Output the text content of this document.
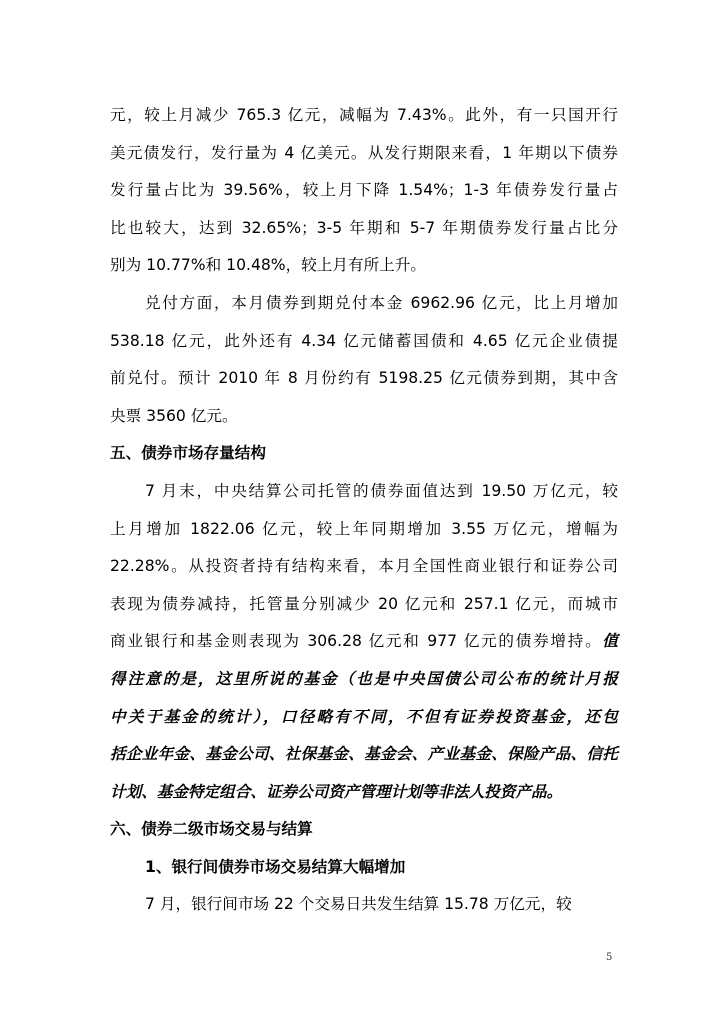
元，较上月减少 765.3 亿元，减幅为 7.43%。此外，有一只国开行
美元债发行，发行量为 4 亿美元。从发行期限来看，1 年期以下债券
发行量占比为 39.56%，较上月下降 1.54%；1-3 年债券发行量占
比也较大，达到 32.65%；3-5 年期和 5-7 年期债券发行量占比分
别为 10.77%和 10.48%，较上月有所上升。
兑付方面，本月债券到期兑付本金 6962.96 亿元，比上月增加
538.18 亿元，此外还有 4.34 亿元储蓄国债和 4.65 亿元企业债提
前兑付。预计 2010 年 8 月份约有 5198.25 亿元债券到期，其中含
央票 3560 亿元。
五、债券市场存量结构
7 月末，中央结算公司托管的债券面值达到 19.50 万亿元，较
上月增加 1822.06 亿元，较上年同期增加 3.55 万亿元，增幅为
22.28%。从投资者持有结构来看，本月全国性商业银行和证券公司
表现为债券减持，托管量分别减少 20 亿元和 257.1 亿元，而城市
商业银行和基金则表现为 306.28 亿元和 977 亿元的债券增持。值
得注意的是，这里所说的基金（也是中央国债公司公布的统计月报
中关于基金的统计），口径略有不同，不但有证券投资基金，还包
括企业年金、基金公司、社保基金、基金会、产业基金、保险产品、信托
计划、基金特定组合、证券公司资产管理计划等非法人投资产品。
六、债券二级市场交易与结算
1、银行间债券市场交易结算大幅增加
7 月，银行间市场 22 个交易日共发生结算 15.78 万亿元，较
5
